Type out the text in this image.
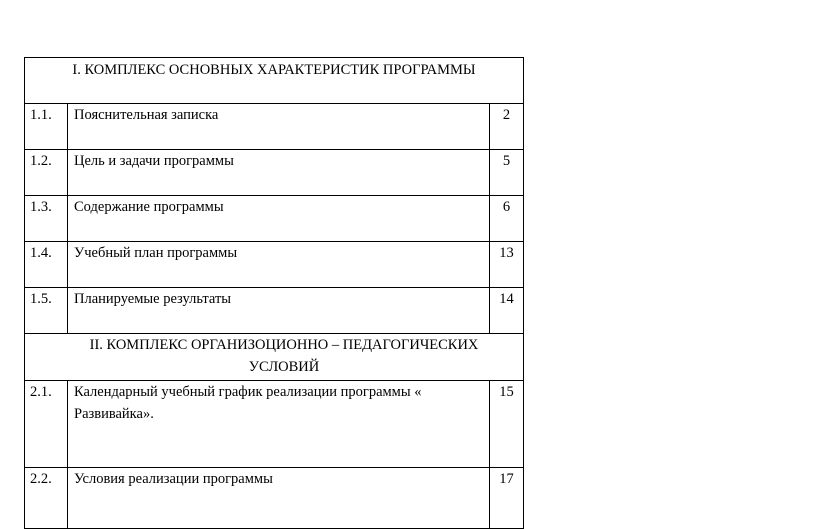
I. КОМПЛЕКС ОСНОВНЫХ ХАРАКТЕРИСТИК ПРОГРАММЫ		

1.1.	Пояснительная записка	2

1.2.	Цель и задачи программы	5

1.3.	Содержание программы	6

1.4.	Учебный план программы	13

1.5.	Планируемые результаты	14

II. КОМПЛЕКС ОРГАНИЗОЦИОННО – ПЕДАГОГИЧЕСКИХ УСЛОВИЙ		

2.1.	Календарный учебный график реализации программы « Развивайка».	15

2.2.	Условия реализации программы	17
